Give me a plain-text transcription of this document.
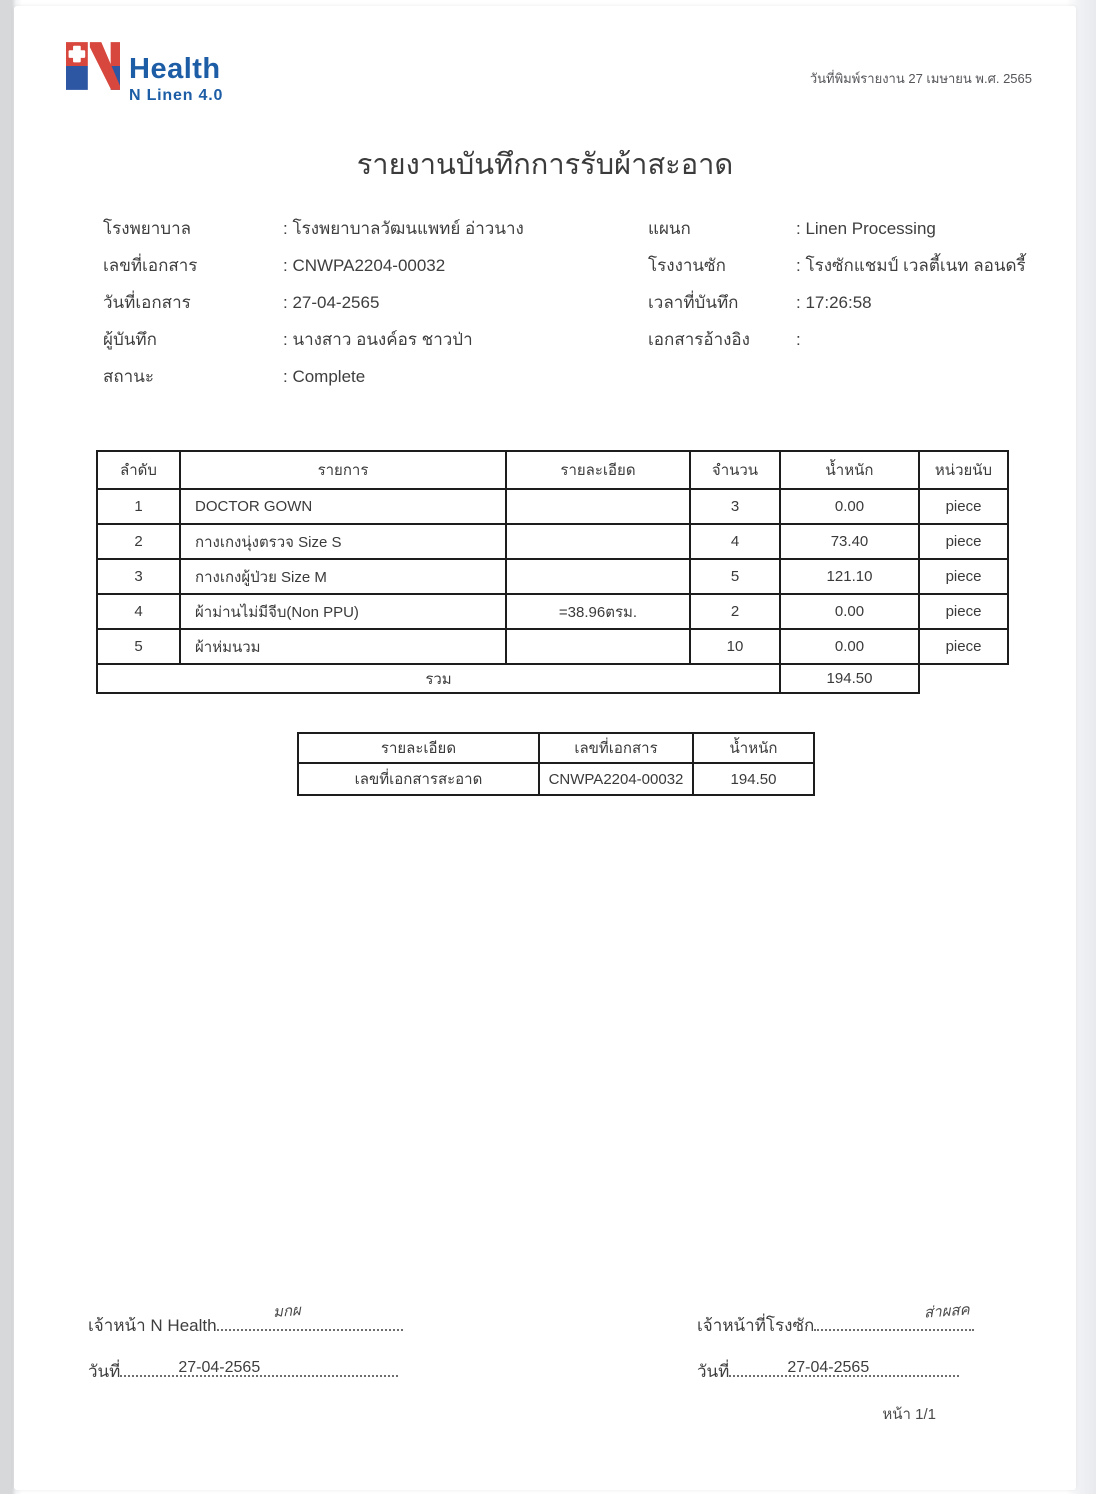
Health
N Linen 4.0
วันที่พิมพ์รายงาน 27 เมษายน พ.ศ. 2565
รายงานบันทึกการรับผ้าสะอาด
โรงพยาบาล	: โรงพยาบาลวัฒนแพทย์ อ่าวนาง
เลขที่เอกสาร	: CNWPA2204-00032
วันที่เอกสาร	: 27-04-2565
ผู้บันทึก	: นางสาว อนงค์อร ชาวป่า
สถานะ	: Complete
แผนก	: Linen Processing
โรงงานซัก	: โรงซักแชมป์ เวลตี้เนท ลอนดรี้
เวลาที่บันทึก	: 17:26:58
เอกสารอ้างอิง	:
ลำดับ	รายการ	รายละเอียด	จำนวน	น้ำหนัก	หน่วยนับ
1	DOCTOR GOWN		3	0.00	piece
2	กางเกงนุ่งตรวจ Size S		4	73.40	piece
3	กางเกงผู้ป่วย Size M		5	121.10	piece
4	ผ้าม่านไม่มีจีบ(Non PPU)	=38.96ตรม.	2	0.00	piece
5	ผ้าห่มนวม		10	0.00	piece
รวม				194.50	
รายละเอียด	เลขที่เอกสาร	น้ำหนัก
เลขที่เอกสารสะอาด	CNWPA2204-00032	194.50
เจ้าหน้า N Health
มกผ
วันที่	27-04-2565
เจ้าหน้าที่โรงซัก
ส่าผสค
วันที่	27-04-2565
หน้า 1/1
